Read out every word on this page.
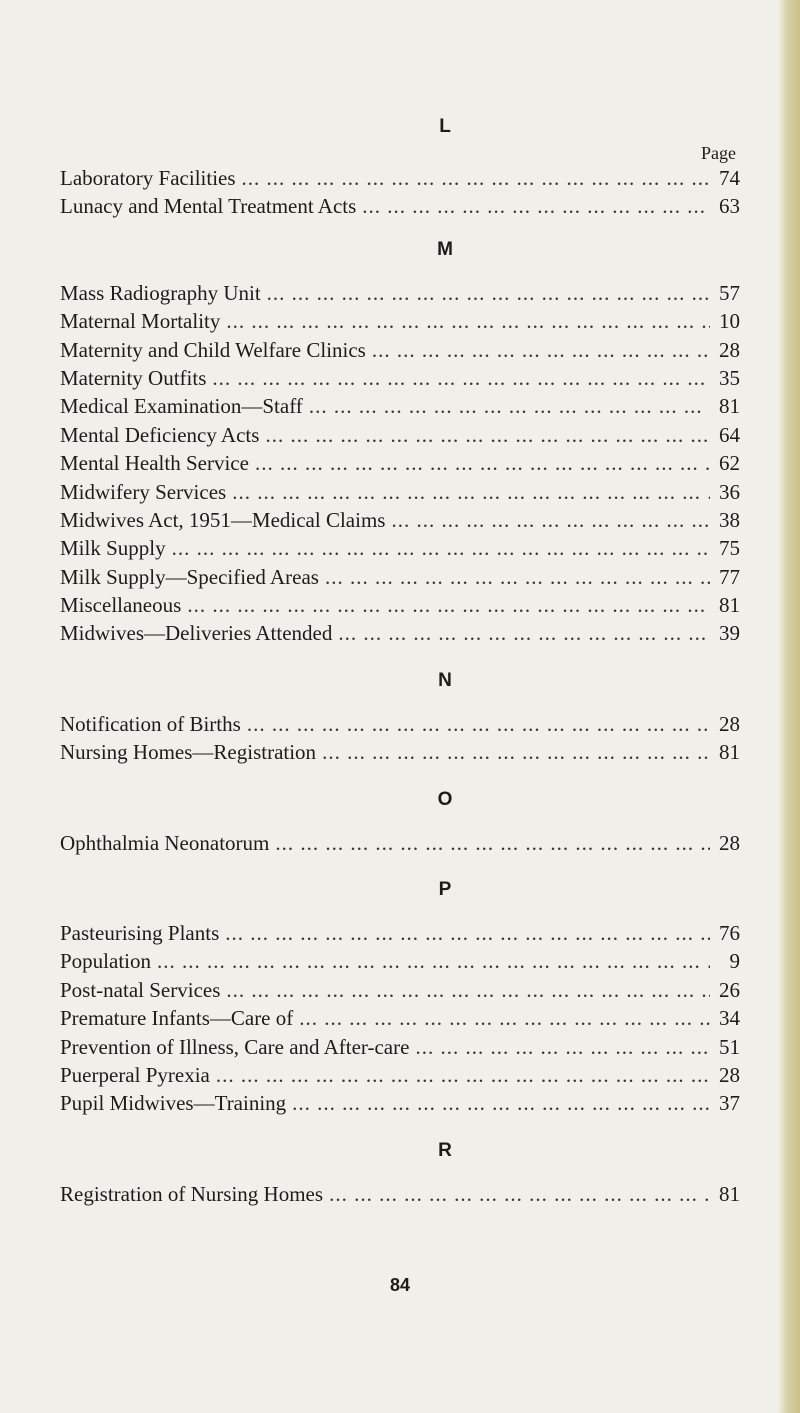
L
Page
Laboratory Facilities ... .	74
Lunacy and Mental Treatment Acts ... .	63
M
Mass Radiography Unit ... .	57
Maternal Mortality ... .	10
Maternity and Child Welfare Clinics ... .	28
Maternity Outfits ... .	35
Medical Examination—Staff ... .	81
Mental Deficiency Acts ... .	64
Mental Health Service ... .	62
Midwifery Services ... .	36
Midwives Act, 1951—Medical Claims ... .	38
Milk Supply ... .	75
Milk Supply—Specified Areas ... .	77
Miscellaneous ... .	81
Midwives—Deliveries Attended ... .	39
N
Notification of Births ... .	28
Nursing Homes—Registration ... .	81
O
Ophthalmia Neonatorum ... .	28
P
Pasteurising Plants ... .	76
Population ... .	9
Post-natal Services ... .	26
Premature Infants—Care of ... .	34
Prevention of Illness, Care and After-care ... .	51
Puerperal Pyrexia ... .	28
Pupil Midwives—Training ... .	37
R
Registration of Nursing Homes ... .	81
84
